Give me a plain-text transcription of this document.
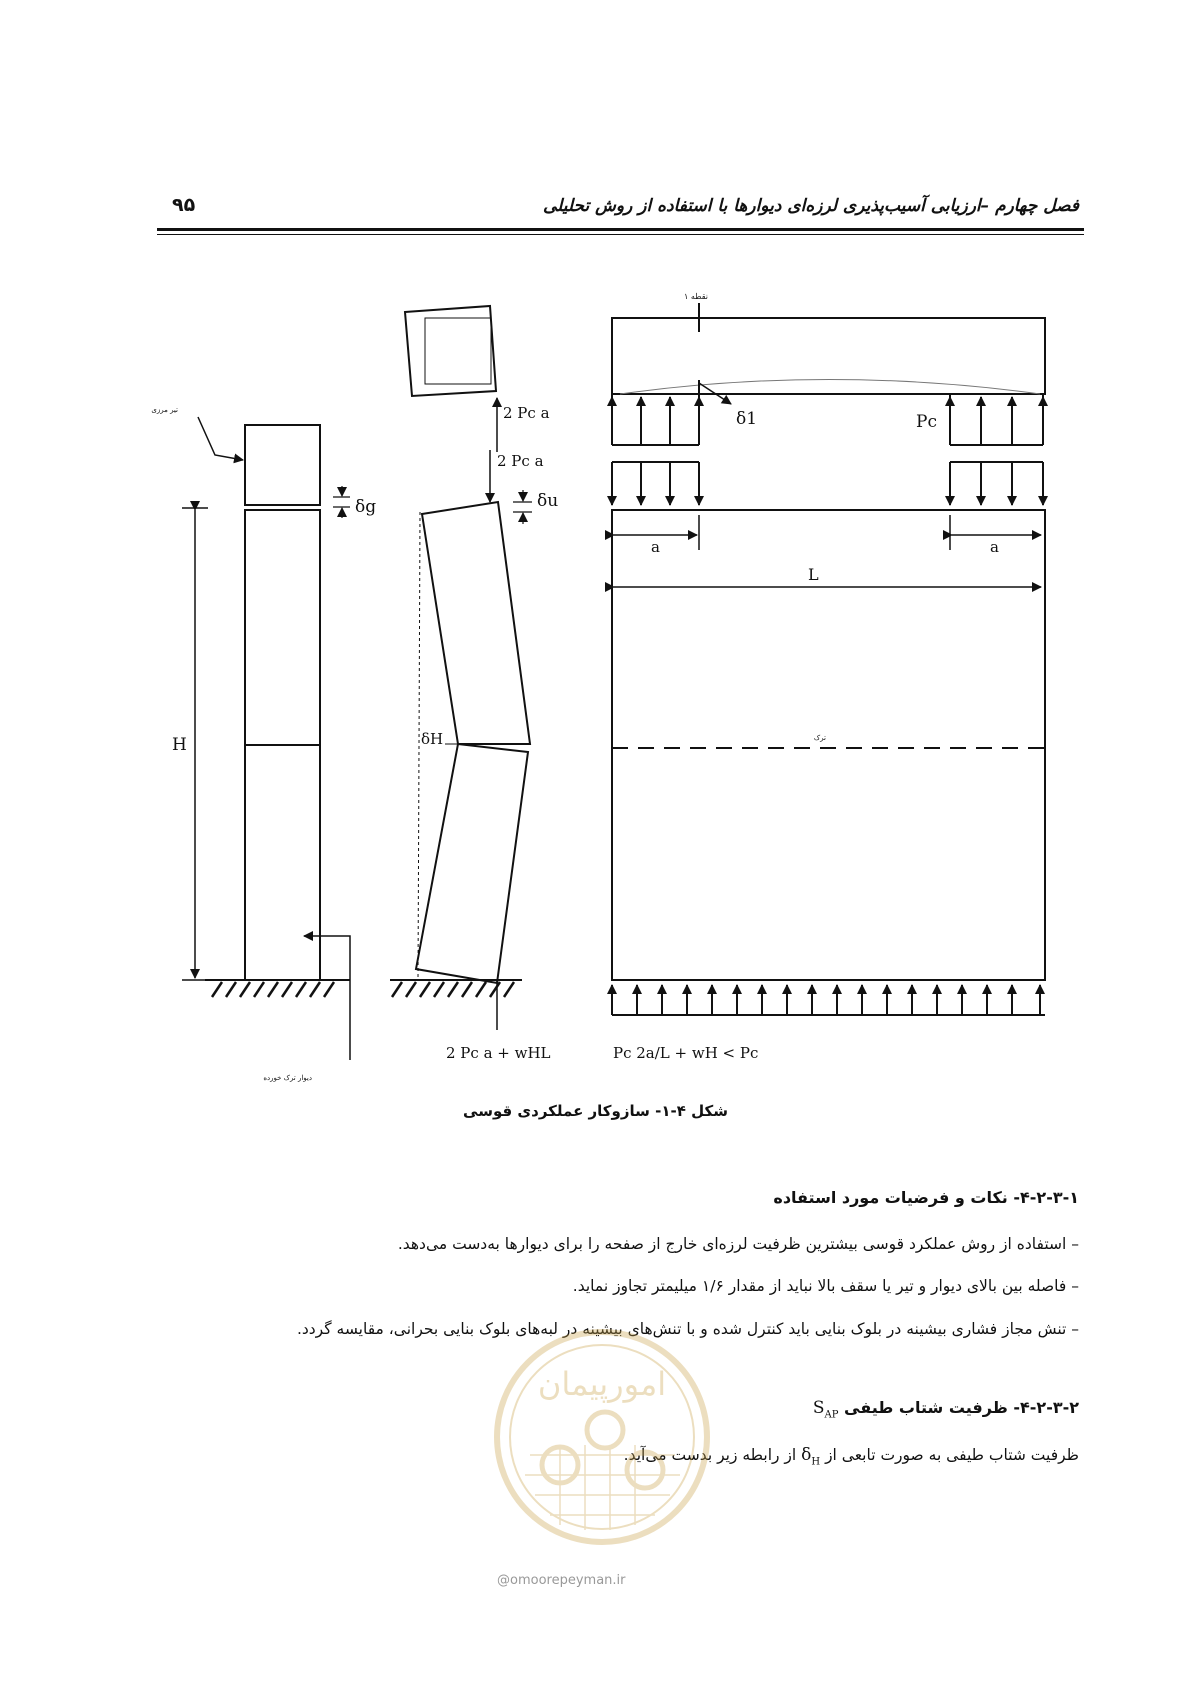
فصل چهارم –ارزیابی آسیب‌پذیری لرزه‌ای دیوارها با استفاده از روش تحلیلی
۹۵
تیر مرزی
دیوار ترک خورده
H
δg	δu
δH
2 Pc a
2 Pc a
2 Pc a + wHL
نقطه ۱
δ1	Pc
a	a
L
ترک
Pc 2a/L + wH < Pc
شکل ۴-۱- سازوکار عملکردی قوسی
۴-۲-۳-۱- نکات و فرضیات مورد استفاده
– استفاده از روش عملکرد قوسی بیشترین ظرفیت لرزه‌ای خارج از صفحه را برای دیوارها به‌دست می‌دهد.
– فاصله بین بالای دیوار و تیر یا سقف بالا نباید از مقدار ۱/۶ میلیمتر تجاوز نماید.
– تنش مجاز فشاری بیشینه در بلوک بنایی باید کنترل شده و با تنش‌های بیشینه در لبه‌های بلوک بنایی بحرانی، مقایسه گردد.
۴-۲-۳-۲- ظرفیت شتاب طیفی $S_{AP}$
ظرفیت شتاب طیفی به صورت تابعی از $\delta_H$ از رابطه زیر بدست می‌آید.
امورپیمان
@omoorepeyman.ir
